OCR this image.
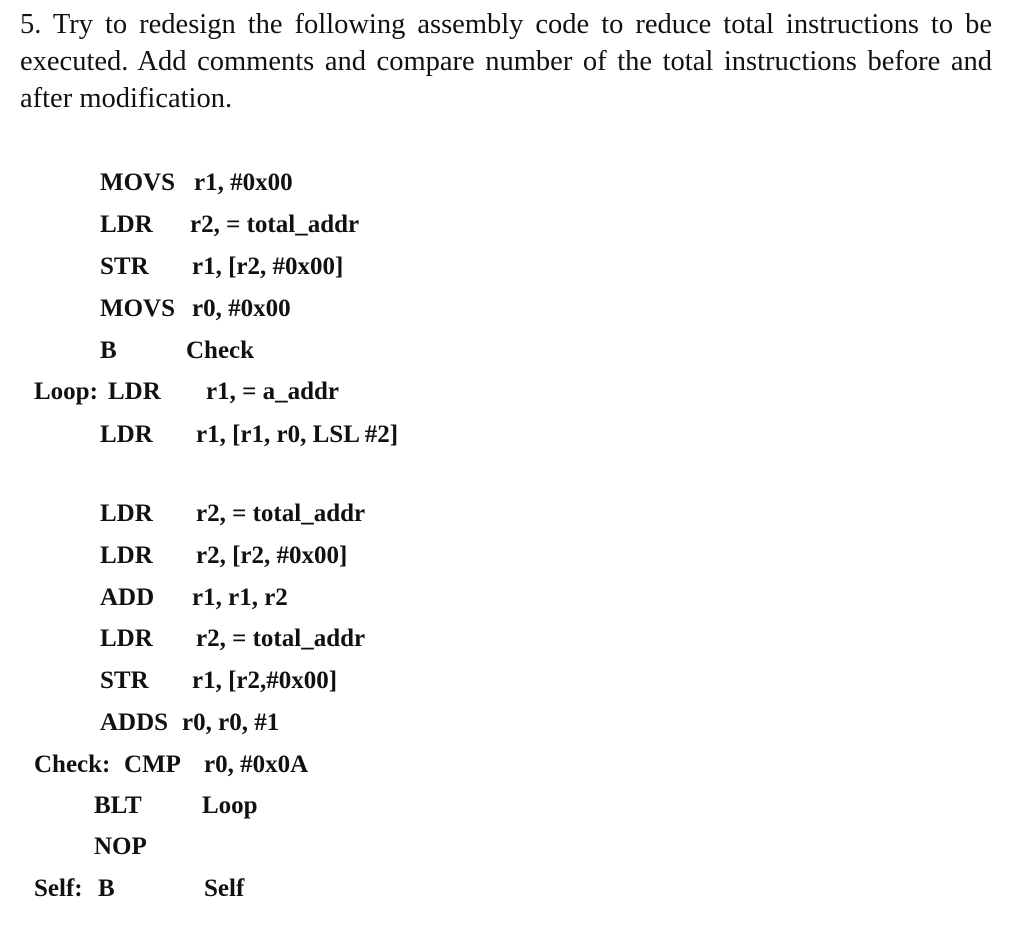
5. Try to redesign the following assembly code to reduce total instructions to be executed. Add comments and compare number of the total instructions before and after modification.
MOVS r1, #0x00
LDR r2, = total_addr
STR r1, [r2, #0x00]
MOVS r0, #0x00
B	Check
Loop: LDR r1, = a_addr
LDR r1, [r1, r0, LSL #2]
LDR r2, = total_addr
LDR r2, [r2, #0x00]
ADD r1, r1, r2
LDR r2, = total_addr
STR r1, [r2,#0x00]
ADDS r0, r0, #1
Check: CMP r0, #0x0A
BLT Loop
NOP
Self: B	Self
